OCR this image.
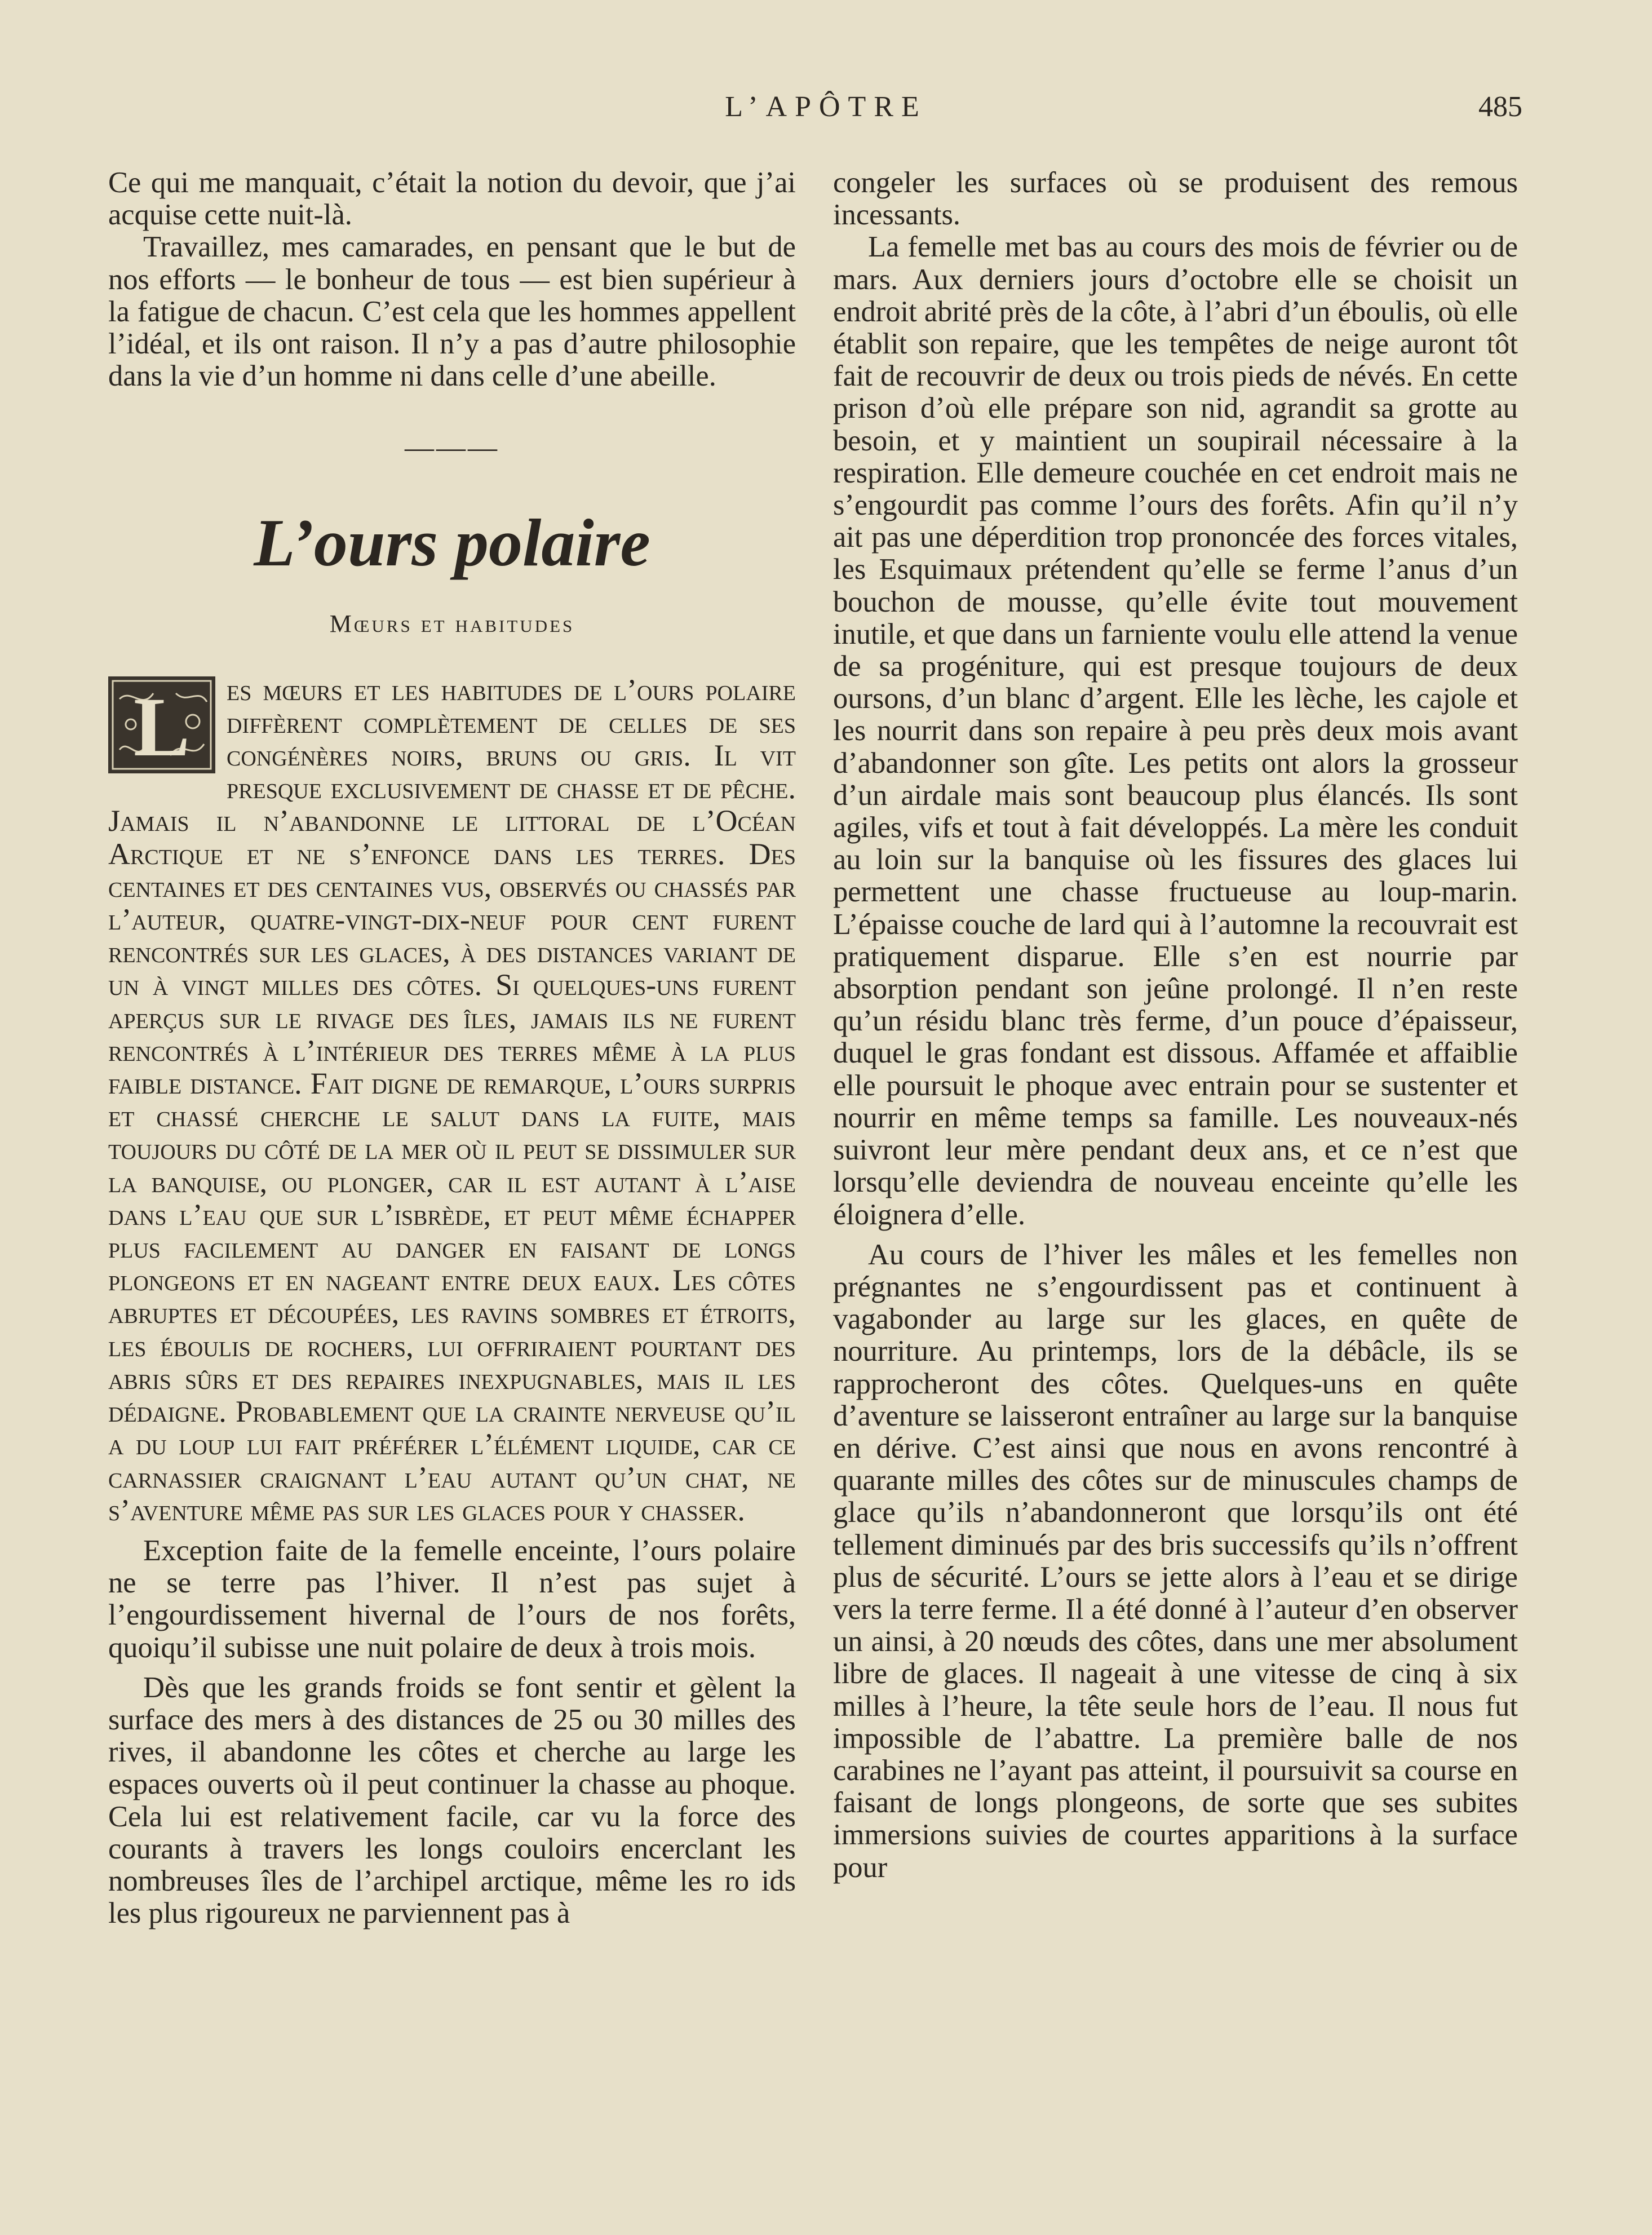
L’APÔTRE	485

Ce qui me manquait, c’était la notion du devoir, que j’ai acquise cette nuit-là.

Travaillez, mes camarades, en pensant que le but de nos efforts — le bonheur de tous — est bien supérieur à la fatigue de chacun. C’est cela que les hommes appellent l’idéal, et ils ont raison. Il n’y a pas d’autre philosophie dans la vie d’un homme ni dans celle d’une abeille.

———
L’ours polaire
Mœurs et habitudes
L	es mœurs et les habitudes de l’ours polaire diffèrent complètement de celles de ses congénères noirs, bruns ou gris. Il vit presque exclusivement de chasse et de pêche. Jamais il n’abandonne le littoral de l’Océan Arctique et ne s’enfonce dans les terres. Des centaines et des centaines vus, observés ou chassés par l’auteur, quatre-vingt-dix-neuf pour cent furent rencontrés sur les glaces, à des distances variant de un à vingt milles des côtes. Si quelques-uns furent aperçus sur le rivage des îles, jamais ils ne furent rencontrés à l’intérieur des terres même à la plus faible distance. Fait digne de remarque, l’ours surpris et chassé cherche le salut dans la fuite, mais toujours du côté de la mer où il peut se dissimuler sur la banquise, ou plonger, car il est autant à l’aise dans l’eau que sur l’isbrède, et peut même échapper plus facilement au danger en faisant de longs plongeons et en nageant entre deux eaux. Les côtes abruptes et découpées, les ravins sombres et étroits, les éboulis de rochers, lui offriraient pourtant des abris sûrs et des repaires inexpugnables, mais il les dédaigne. Probablement que la crainte nerveuse qu’il a du loup lui fait préférer l’élément liquide, car ce carnassier craignant l’eau autant qu’un chat, ne s’aventure même pas sur les glaces pour y chasser.

Exception faite de la femelle enceinte, l’ours polaire ne se terre pas l’hiver. Il n’est pas sujet à l’engourdissement hivernal de l’ours de nos forêts, quoiqu’il subisse une nuit polaire de deux à trois mois.

Dès que les grands froids se font sentir et gèlent la surface des mers à des distances de 25 ou 30 milles des rives, il abandonne les côtes et cherche au large les espaces ouverts où il peut continuer la chasse au phoque. Cela lui est relativement facile, car vu la force des courants à travers les longs couloirs encerclant les nombreuses îles de l’archipel arctique, même les ro ids les plus rigoureux ne parviennent pas à

congeler les surfaces où se produisent des remous incessants.

La femelle met bas au cours des mois de février ou de mars. Aux derniers jours d’octobre elle se choisit un endroit abrité près de la côte, à l’abri d’un éboulis, où elle établit son repaire, que les tempêtes de neige auront tôt fait de recouvrir de deux ou trois pieds de névés. En cette prison d’où elle prépare son nid, agrandit sa grotte au besoin, et y maintient un soupirail nécessaire à la respiration. Elle demeure couchée en cet endroit mais ne s’engourdit pas comme l’ours des forêts. Afin qu’il n’y ait pas une déperdition trop prononcée des forces vitales, les Esquimaux prétendent qu’elle se ferme l’anus d’un bouchon de mousse, qu’elle évite tout mouvement inutile, et que dans un farniente voulu elle attend la venue de sa progéniture, qui est presque toujours de deux oursons, d’un blanc d’argent. Elle les lèche, les cajole et les nourrit dans son repaire à peu près deux mois avant d’abandonner son gîte. Les petits ont alors la grosseur d’un airdale mais sont beaucoup plus élancés. Ils sont agiles, vifs et tout à fait développés. La mère les conduit au loin sur la banquise où les fissures des glaces lui permettent une chasse fructueuse au loup-marin. L’épaisse couche de lard qui à l’automne la recouvrait est pratiquement disparue. Elle s’en est nourrie par absorption pendant son jeûne prolongé. Il n’en reste qu’un résidu blanc très ferme, d’un pouce d’épaisseur, duquel le gras fondant est dissous. Affamée et affaiblie elle poursuit le phoque avec entrain pour se sustenter et nourrir en même temps sa famille. Les nouveaux-nés suivront leur mère pendant deux ans, et ce n’est que lorsqu’elle deviendra de nouveau enceinte qu’elle les éloignera d’elle.

Au cours de l’hiver les mâles et les femelles non prégnantes ne s’engourdissent pas et continuent à vagabonder au large sur les glaces, en quête de nourriture. Au printemps, lors de la débâcle, ils se rapprocheront des côtes. Quelques-uns en quête d’aventure se laisseront entraîner au large sur la banquise en dérive. C’est ainsi que nous en avons rencontré à quarante milles des côtes sur de minuscules champs de glace qu’ils n’abandonneront que lorsqu’ils ont été tellement diminués par des bris successifs qu’ils n’offrent plus de sécurité. L’ours se jette alors à l’eau et se dirige vers la terre ferme. Il a été donné à l’auteur d’en observer un ainsi, à 20 nœuds des côtes, dans une mer absolument libre de glaces. Il nageait à une vitesse de cinq à six milles à l’heure, la tête seule hors de l’eau. Il nous fut impossible de l’abattre. La première balle de nos carabines ne l’ayant pas atteint, il poursuivit sa course en faisant de longs plongeons, de sorte que ses subites immersions suivies de courtes apparitions à la surface pour
